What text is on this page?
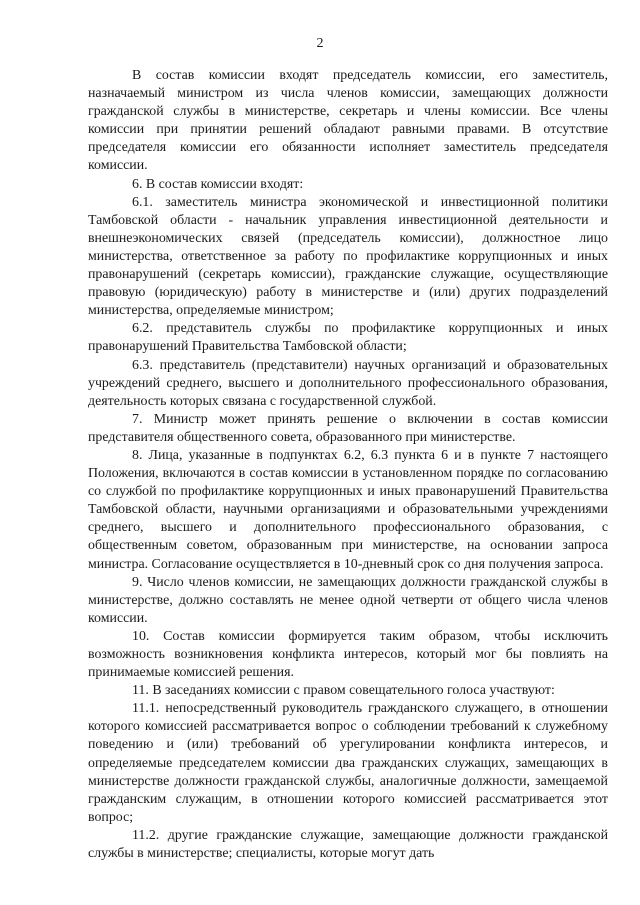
2

В состав комиссии входят председатель комиссии, его заместитель, назначаемый министром из числа членов комиссии, замещающих должности гражданской службы в министерстве, секретарь и члены комиссии. Все члены комиссии при принятии решений обладают равными правами. В отсутствие председателя комиссии его обязанности исполняет заместитель председателя комиссии.

6. В состав комиссии входят:

6.1. заместитель министра экономической и инвестиционной политики Тамбовской области - начальник управления инвестиционной деятельности и внешнеэкономических связей (председатель комиссии), должностное лицо министерства, ответственное за работу по профилактике коррупционных и иных правонарушений (секретарь комиссии), гражданские служащие, осуществляющие правовую (юридическую) работу в министерстве и (или) других подразделений министерства, определяемые министром;

6.2. представитель службы по профилактике коррупционных и иных правонарушений Правительства Тамбовской области;

6.3. представитель (представители) научных организаций и образовательных учреждений среднего, высшего и дополнительного профессионального образования, деятельность которых связана с государственной службой.

7. Министр может принять решение о включении в состав комиссии представителя общественного совета, образованного при министерстве.

8. Лица, указанные в подпунктах 6.2, 6.3 пункта 6 и в пункте 7 настоящего Положения, включаются в состав комиссии в установленном порядке по согласованию со службой по профилактике коррупционных и иных правонарушений Правительства Тамбовской области, научными организациями и образовательными учреждениями среднего, высшего и дополнительного профессионального образования, с общественным советом, образованным при министерстве, на основании запроса министра. Согласование осуществляется в 10-дневный срок со дня получения запроса.

9. Число членов комиссии, не замещающих должности гражданской службы в министерстве, должно составлять не менее одной четверти от общего числа членов комиссии.

10. Состав комиссии формируется таким образом, чтобы исключить возможность возникновения конфликта интересов, который мог бы повлиять на принимаемые комиссией решения.

11. В заседаниях комиссии с правом совещательного голоса участвуют:

11.1. непосредственный руководитель гражданского служащего, в отношении которого комиссией рассматривается вопрос о соблюдении требований к служебному поведению и (или) требований об урегулировании конфликта интересов, и определяемые председателем комиссии два гражданских служащих, замещающих в министерстве должности гражданской службы, аналогичные должности, замещаемой гражданским служащим, в отношении которого комиссией рассматривается этот вопрос;

11.2. другие гражданские служащие, замещающие должности гражданской службы в министерстве; специалисты, которые могут дать
